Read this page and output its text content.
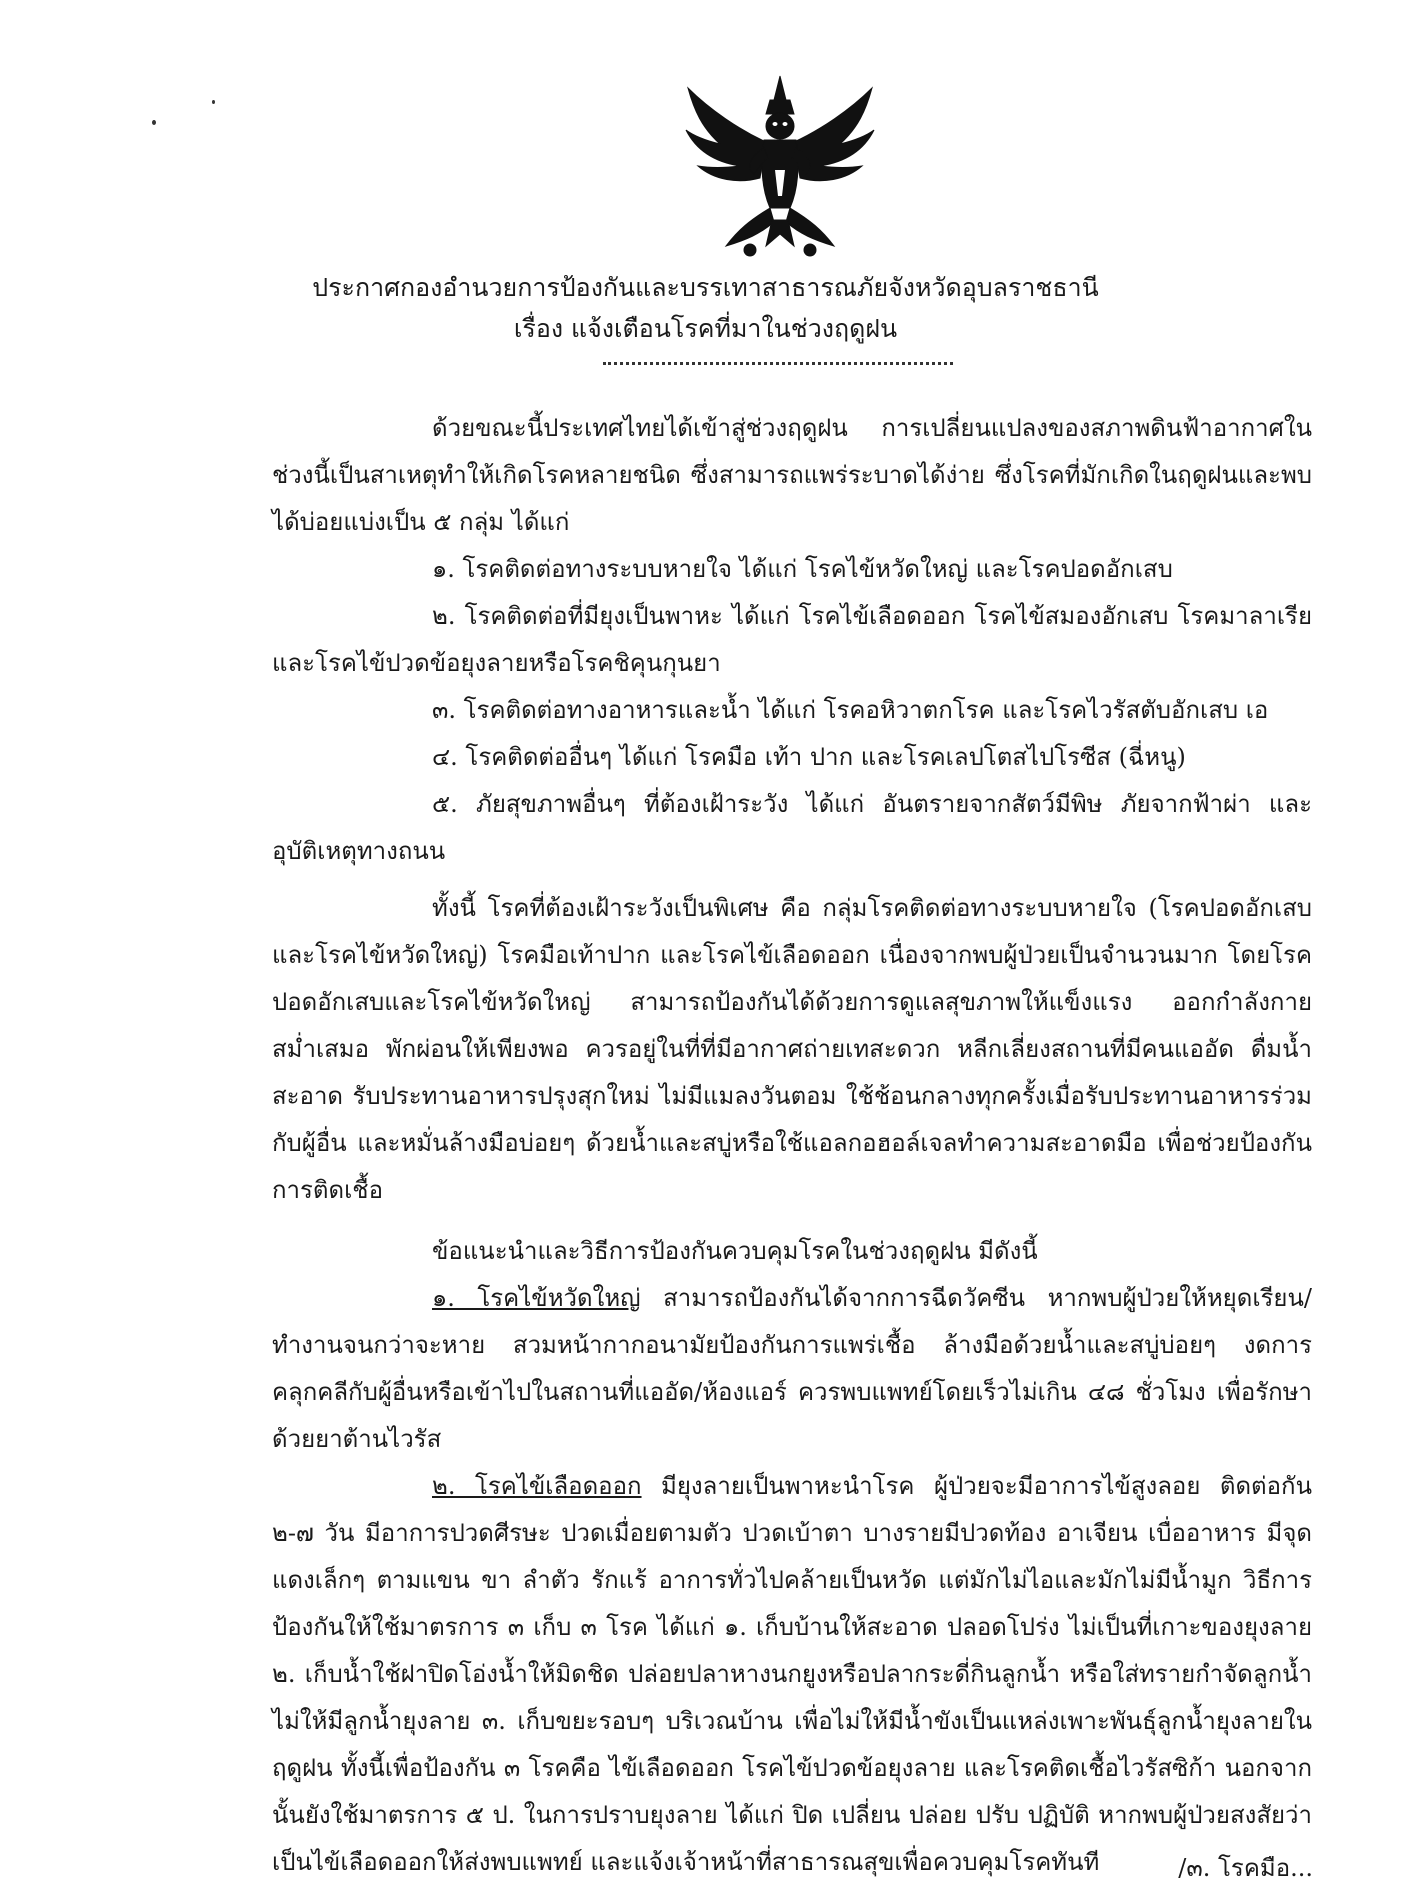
ประกาศกองอำนวยการป้องกันและบรรเทาสาธารณภัยจังหวัดอุบลราชธานี
เรื่อง แจ้งเตือนโรคที่มาในช่วงฤดูฝน

ด้วยขณะนี้ประเทศไทยได้เข้าสู่ช่วงฤดูฝน การเปลี่ยนแปลงของสภาพดินฟ้าอากาศในช่วงนี้เป็นสาเหตุทำให้เกิดโรคหลายชนิด ซึ่งสามารถแพร่ระบาดได้ง่าย ซึ่งโรคที่มักเกิดในฤดูฝนและพบได้บ่อยแบ่งเป็น ๕ กลุ่ม ได้แก่

๑. โรคติดต่อทางระบบหายใจ ได้แก่ โรคไข้หวัดใหญ่ และโรคปอดอักเสบ

๒. โรคติดต่อที่มียุงเป็นพาหะ ได้แก่ โรคไข้เลือดออก โรคไข้สมองอักเสบ โรคมาลาเรีย และโรคไข้ปวดข้อยุงลายหรือโรคชิคุนกุนยา

๓. โรคติดต่อทางอาหารและน้ำ ได้แก่ โรคอหิวาตกโรค และโรคไวรัสตับอักเสบ เอ

๔. โรคติดต่ออื่นๆ ได้แก่ โรคมือ เท้า ปาก และโรคเลปโตสไปโรซีส (ฉี่หนู)

๕. ภัยสุขภาพอื่นๆ ที่ต้องเฝ้าระวัง ได้แก่ อันตรายจากสัตว์มีพิษ ภัยจากฟ้าผ่า และอุบัติเหตุทางถนน

ทั้งนี้ โรคที่ต้องเฝ้าระวังเป็นพิเศษ คือ กลุ่มโรคติดต่อทางระบบหายใจ (โรคปอดอักเสบและโรคไข้หวัดใหญ่) โรคมือเท้าปาก และโรคไข้เลือดออก เนื่องจากพบผู้ป่วยเป็นจำนวนมาก โดยโรคปอดอักเสบและโรคไข้หวัดใหญ่ สามารถป้องกันได้ด้วยการดูแลสุขภาพให้แข็งแรง ออกกำลังกายสม่ำเสมอ พักผ่อนให้เพียงพอ ควรอยู่ในที่ที่มีอากาศถ่ายเทสะดวก หลีกเลี่ยงสถานที่มีคนแออัด ดื่มน้ำสะอาด รับประทานอาหารปรุงสุกใหม่ ไม่มีแมลงวันตอม ใช้ช้อนกลางทุกครั้งเมื่อรับประทานอาหารร่วมกับผู้อื่น และหมั่นล้างมือบ่อยๆ ด้วยน้ำและสบู่หรือใช้แอลกอฮอล์เจลทำความสะอาดมือ เพื่อช่วยป้องกันการติดเชื้อ

ข้อแนะนำและวิธีการป้องกันควบคุมโรคในช่วงฤดูฝน มีดังนี้

๑. โรคไข้หวัดใหญ่ สามารถป้องกันได้จากการฉีดวัคซีน หากพบผู้ป่วยให้หยุดเรียน/ทำงานจนกว่าจะหาย สวมหน้ากากอนามัยป้องกันการแพร่เชื้อ ล้างมือด้วยน้ำและสบู่บ่อยๆ งดการคลุกคลีกับผู้อื่นหรือเข้าไปในสถานที่แออัด/ห้องแอร์ ควรพบแพทย์โดยเร็วไม่เกิน ๔๘ ชั่วโมง เพื่อรักษาด้วยยาต้านไวรัส

๒. โรคไข้เลือดออก มียุงลายเป็นพาหะนำโรค ผู้ป่วยจะมีอาการไข้สูงลอย ติดต่อกัน ๒-๗ วัน มีอาการปวดศีรษะ ปวดเมื่อยตามตัว ปวดเบ้าตา บางรายมีปวดท้อง อาเจียน เบื่ออาหาร มีจุดแดงเล็กๆ ตามแขน ขา ลำตัว รักแร้ อาการทั่วไปคล้ายเป็นหวัด แต่มักไม่ไอและมักไม่มีน้ำมูก วิธีการป้องกันให้ใช้มาตรการ ๓ เก็บ ๓ โรค ได้แก่ ๑. เก็บบ้านให้สะอาด ปลอดโปร่ง ไม่เป็นที่เกาะของยุงลาย ๒. เก็บน้ำใช้ฝาปิดโอ่งน้ำให้มิดชิด ปล่อยปลาหางนกยูงหรือปลากระดี่กินลูกน้ำ หรือใส่ทรายกำจัดลูกน้ำ ไม่ให้มีลูกน้ำยุงลาย ๓. เก็บขยะรอบๆ บริเวณบ้าน เพื่อไม่ให้มีน้ำขังเป็นแหล่งเพาะพันธุ์ลูกน้ำยุงลายในฤดูฝน ทั้งนี้เพื่อป้องกัน ๓ โรคคือ ไข้เลือดออก โรคไข้ปวดข้อยุงลาย และโรคติดเชื้อไวรัสซิก้า นอกจากนั้นยังใช้มาตรการ ๕ ป. ในการปราบยุงลาย ได้แก่ ปิด เปลี่ยน ปล่อย ปรับ ปฏิบัติ หากพบผู้ป่วยสงสัยว่าเป็นไข้เลือดออกให้ส่งพบแพทย์ และแจ้งเจ้าหน้าที่สาธารณสุขเพื่อควบคุมโรคทันที	/๓. โรคมือ...
